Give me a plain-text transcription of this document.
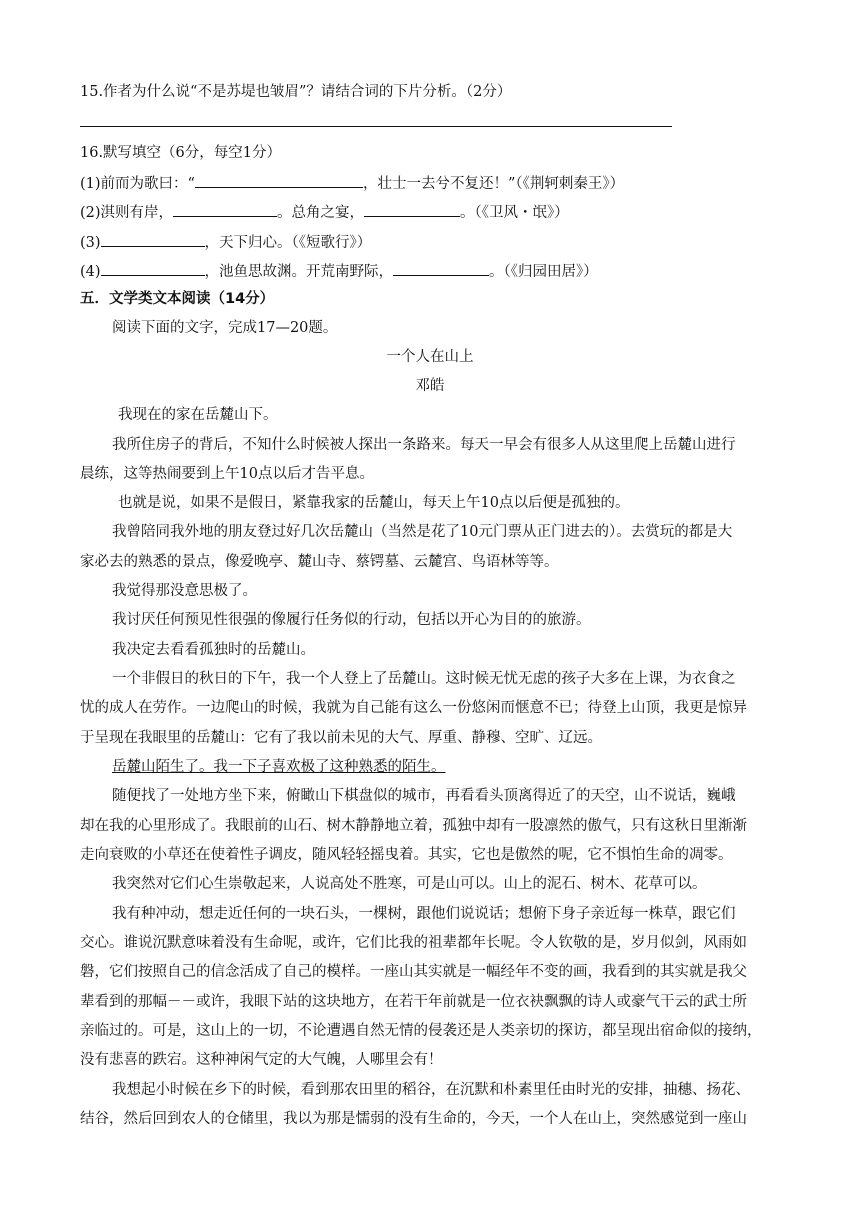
15.作者为什么说“不是苏堤也皱眉”？请结合词的下片分析。（2分）
16.默写填空（6分，每空1分）
(1)前而为歌曰：“	，壮士一去兮不复还！”（《荆轲刺秦王》）
(2)淇则有岸，	。总角之宴，	。（《卫风・氓》）
(3)	，天下归心。（《短歌行》）
(4)	，池鱼思故渊。开荒南野际，	。（《归园田居》）
五．文学类文本阅读（14分）
阅读下面的文字，完成17—20题。
一个人在山上
邓皓
我现在的家在岳麓山下。
我所住房子的背后，不知什么时候被人探出一条路来。每天一早会有很多人从这里爬上岳麓山进行
晨练，这等热闹要到上午10点以后才告平息。
也就是说，如果不是假日，紧靠我家的岳麓山，每天上午10点以后便是孤独的。
我曾陪同我外地的朋友登过好几次岳麓山（当然是花了10元门票从正门进去的）。去赏玩的都是大
家必去的熟悉的景点，像爱晚亭、麓山寺、蔡锷墓、云麓宫、鸟语林等等。
我觉得那没意思极了。
我讨厌任何预见性很强的像履行任务似的行动，包括以开心为目的的旅游。
我决定去看看孤独时的岳麓山。
一个非假日的秋日的下午，我一个人登上了岳麓山。这时候无忧无虑的孩子大多在上课，为衣食之
忧的成人在劳作。一边爬山的时候，我就为自己能有这么一份悠闲而惬意不已；待登上山顶，我更是惊异
于呈现在我眼里的岳麓山：它有了我以前未见的大气、厚重、静穆、空旷、辽远。
岳麓山陌生了。我一下子喜欢极了这种熟悉的陌生。
随便找了一处地方坐下来，俯瞰山下棋盘似的城市，再看看头顶离得近了的天空，山不说话，巍峨
却在我的心里形成了。我眼前的山石、树木静静地立着，孤独中却有一股凛然的傲气，只有这秋日里渐渐
走向衰败的小草还在使着性子调皮，随风轻轻摇曳着。其实，它也是傲然的呢，它不惧怕生命的凋零。
我突然对它们心生崇敬起来，人说高处不胜寒，可是山可以。山上的泥石、树木、花草可以。
我有种冲动，想走近任何的一块石头，一棵树，跟他们说说话；想俯下身子亲近每一株草，跟它们
交心。谁说沉默意味着没有生命呢，或许，它们比我的祖辈都年长呢。令人钦敬的是，岁月似剑，风雨如
磐，它们按照自己的信念活成了自己的模样。一座山其实就是一幅经年不变的画，我看到的其实就是我父
辈看到的那幅－－或许，我眼下站的这块地方，在若干年前就是一位衣袂飘飘的诗人或豪气干云的武士所
亲临过的。可是，这山上的一切，不论遭遇自然无情的侵袭还是人类亲切的探访，都呈现出宿命似的接纳，
没有悲喜的跌宕。这种神闲气定的大气魄，人哪里会有！
我想起小时候在乡下的时候，看到那农田里的稻谷，在沉默和朴素里任由时光的安排，抽穗、扬花、
结谷，然后回到农人的仓储里，我以为那是懦弱的没有生命的，今天，一个人在山上，突然感觉到一座山
